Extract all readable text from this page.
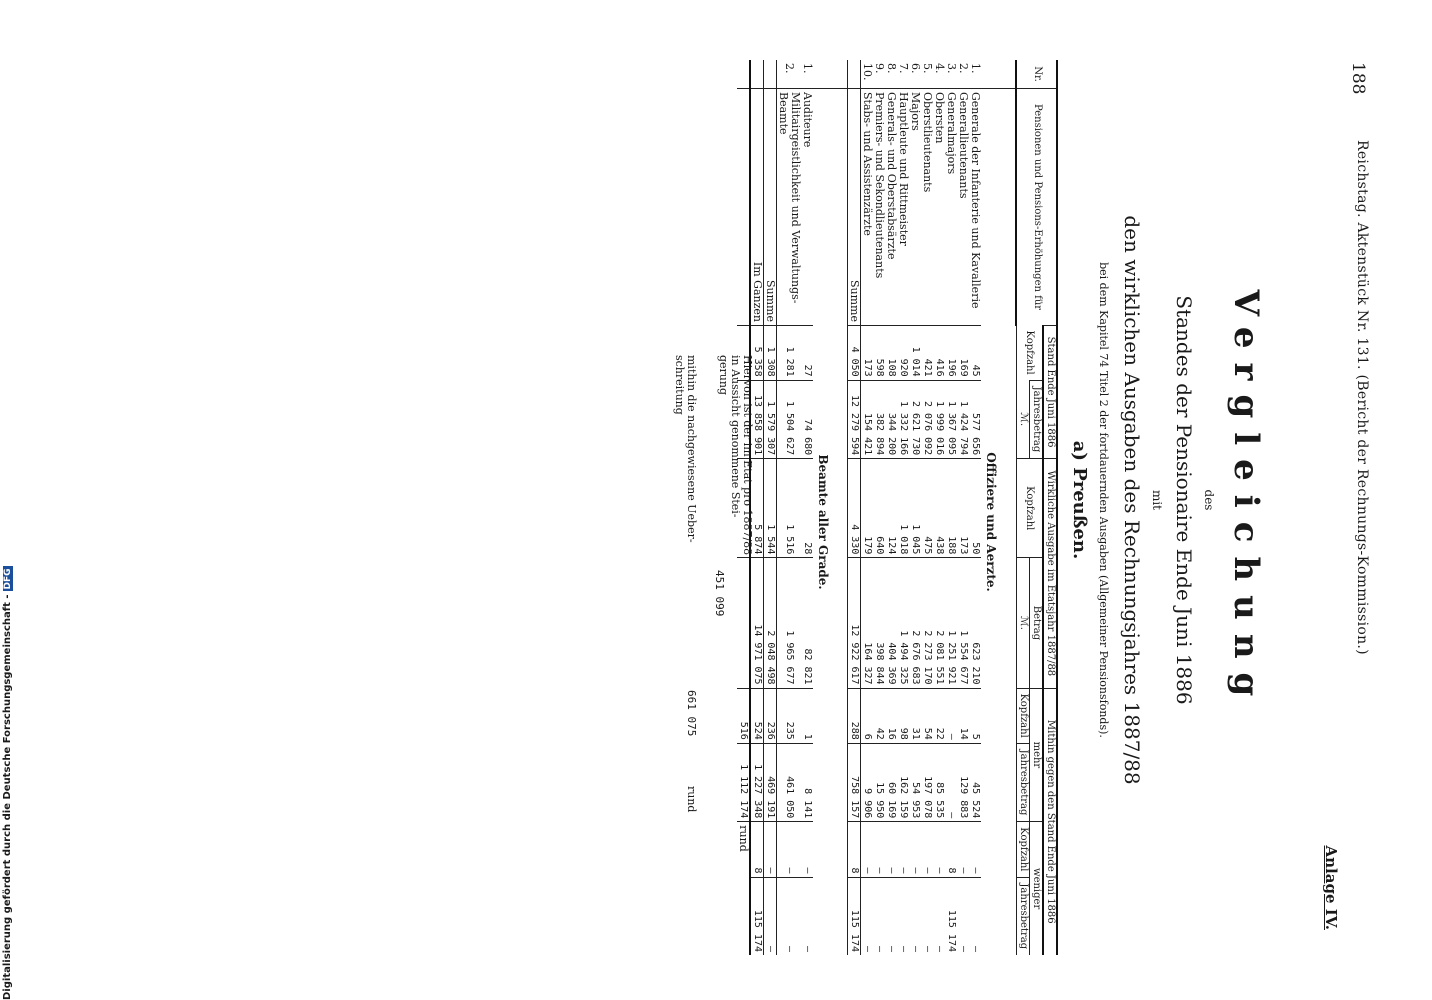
188
Reichstag. Aktenstück Nr. 131. (Bericht der Rechnungs-Kommission.)
Anlage IV.
Vergleichung
des
Standes der Pensionaire Ende Juni 1886
mit
den wirklichen Ausgaben des Rechnungsjahres 1887/88
bei dem Kapitel 74 Titel 2 der fortdauernden Ausgaben (Allgemeiner Pensionsfonds).
a) Preußen.
Nr.	Pensionen und Pensions-Erhöhungen für	Stand Ende Juni 1886		Wirkliche Ausgabe im Etatsjahr 1887/88		Mithin gegen den Stand Ende Juni 1886			
		Kopfzahl	Jahresbetrag	Kopfzahl	Betrag	mehr		weniger	
			ℳ.		ℳ.	Kopfzahl	Jahresbetrag	Kopfzahl	Jahresbetrag
	Offiziere und Aerzte.								
1.	Generale der Infanterie und Kavallerie	45	577 656	50	623 210	5	45 524	—	—
2.	Generallieutenants	169	1 424 794	173	1 554 677	14	129 883	—	—
3.	Generalmajors	196	1 367 095	188	1 251 921	—	—	8	115 174
4.	Obersten	416	1 999 016	438	2 081 551	22	85 535	—	—
5.	Oberstlieutenants	421	2 076 092	475	2 273 170	54	197 078	—	—
6.	Majors	1 014	2 621 730	1 045	2 676 683	31	54 953	—	—
7.	Hauptleute und Rittmeister	920	1 332 166	1 018	1 494 325	98	162 159	—	—
8.	Generals- und Oberstabsärzte	108	344 200	124	404 369	16	60 169	—	—
9.	Premiers- und Sekondlieutenants	598	382 894	640	398 844	42	15 950	—	—
10.	Stabs- und Assistenzärzte	173	154 421	179	164 327	6	9 906	—	—
	Summe	4 050	12 279 594	4 330	12 922 617	288	758 157	8	115 174
	Beamte aller Grade.								
1.	Auditeure	27	74 680	28	82 821	1	8 141	—	—
2.	Militairgeistlichkeit und Verwaltungs-Beamte	1 281	1 504 627	1 516	1 965 677	235	461 050	—	—
	Summe	1 308	1 579 307	1 544	2 048 498	236	469 191	—	—
	Im Ganzen	5 358	13 858 901	5 874	14 971 075	524	1 227 348	8	115 174
						516	1 112 174	rund	
Hiervon ist der im Etat pro 1887/88
in Aussicht genommene Stei-
gerung
451 099
mithin die nachgewiesene Ueber-
schreitung
661 075
rund
Digitalisierung gefördert durch die Deutsche Forschungsgemeinschaft -DFG
